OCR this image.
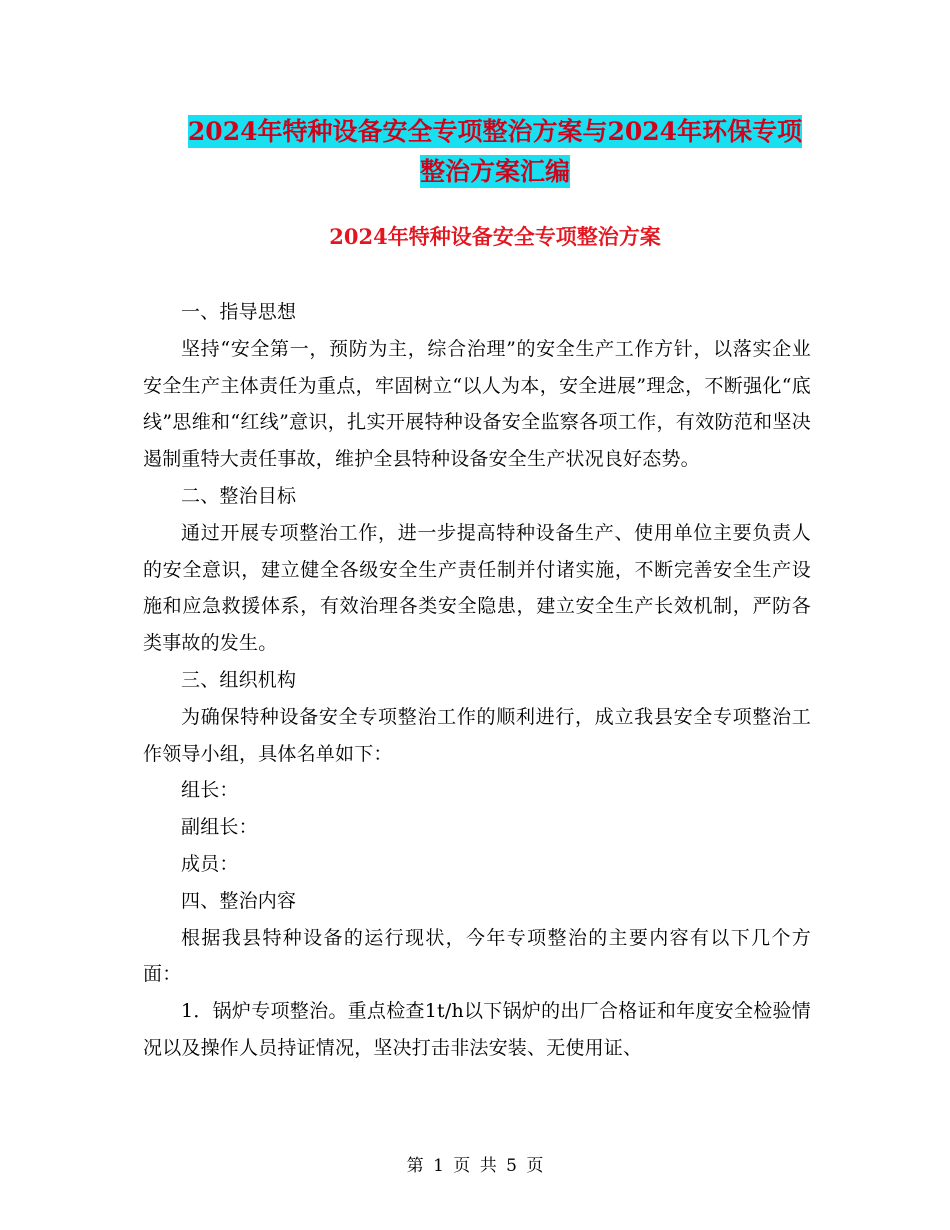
2024年特种设备安全专项整治方案与2024年环保专项
整治方案汇编
2024年特种设备安全专项整治方案

一、指导思想

坚持“安全第一，预防为主，综合治理”的安全生产工作方针，以落实企业安全生产主体责任为重点，牢固树立“以人为本，安全进展”理念，不断强化“底线”思维和“红线”意识，扎实开展特种设备安全监察各项工作，有效防范和坚决遏制重特大责任事故，维护全县特种设备安全生产状况良好态势。

二、整治目标

通过开展专项整治工作，进一步提高特种设备生产、使用单位主要负责人的安全意识，建立健全各级安全生产责任制并付诸实施，不断完善安全生产设施和应急救援体系，有效治理各类安全隐患，建立安全生产长效机制，严防各类事故的发生。

三、组织机构

为确保特种设备安全专项整治工作的顺利进行，成立我县安全专项整治工作领导小组，具体名单如下：

组长：

副组长：

成员：

四、整治内容

根据我县特种设备的运行现状，今年专项整治的主要内容有以下几个方面：

1．锅炉专项整治。重点检查1t/h以下锅炉的出厂合格证和年度安全检验情况以及操作人员持证情况，坚决打击非法安装、无使用证、

第 1 页 共 5 页
